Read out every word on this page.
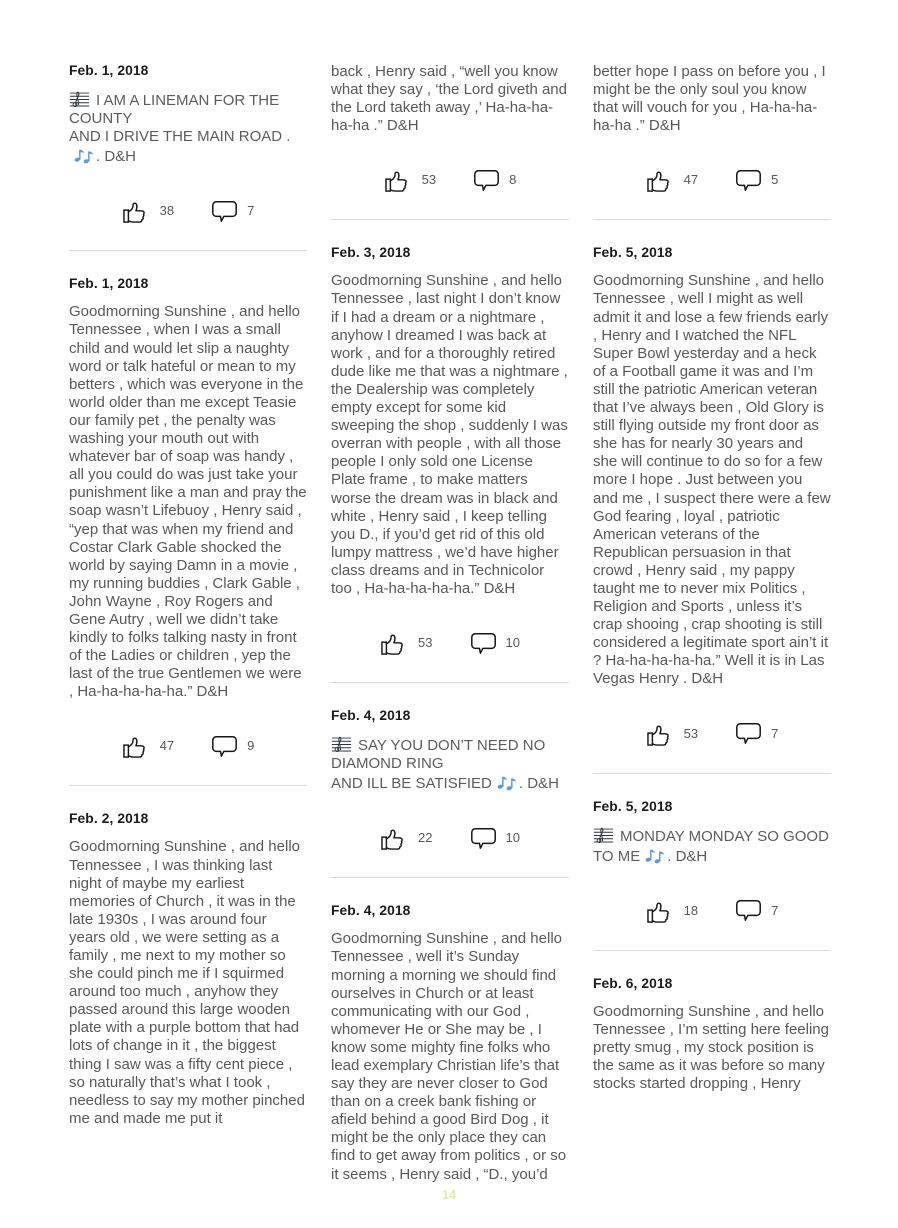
Feb. 1, 2018

I AM A LINEMAN FOR THE COUNTY
AND I DRIVE THE MAIN ROAD .. D&H

38	7
Feb. 1, 2018

Goodmorning Sunshine , and hello Tennessee , when I was a small child and would let slip a naughty word or talk hateful or mean to my betters , which was everyone in the world older than me except Teasie our family pet , the penalty was washing your mouth out with whatever bar of soap was handy , all you could do was just take your punishment like a man and pray the soap wasn’t Lifebuoy , Henry said , “yep that was when my friend and Costar Clark Gable shocked the world by saying Damn in a movie , my running buddies , Clark Gable , John Wayne , Roy Rogers and Gene Autry , well we didn’t take kindly to folks talking nasty in front of the Ladies or children , yep the last of the true Gentlemen we were , Ha-ha-ha-ha-ha.” D&H

47	9
Feb. 2, 2018

Goodmorning Sunshine , and hello Tennessee , I was thinking last night of maybe my earliest memories of Church , it was in the late 1930s , I was around four years old , we were setting as a family , me next to my mother so she could pinch me if I squirmed around too much , anyhow they passed around this large wooden plate with a purple bottom that had lots of change in it , the biggest thing I saw was a fifty cent piece , so naturally that’s what I took , needless to say my mother pinched me and made me put it

back , Henry said , “well you know what they say , ‘the Lord giveth and the Lord taketh away ,’ Ha-ha-ha-ha-ha .” D&H

53	8
Feb. 3, 2018

Goodmorning Sunshine , and hello Tennessee , last night I don’t know if I had a dream or a nightmare , anyhow I dreamed I was back at work , and for a thoroughly retired dude like me that was a nightmare , the Dealership was completely empty except for some kid sweeping the shop , suddenly I was overran with people , with all those people I only sold one License Plate frame , to make matters worse the dream was in black and white , Henry said , I keep telling you D., if you’d get rid of this old lumpy mattress , we’d have higher class dreams and in Technicolor too , Ha-ha-ha-ha-ha.” D&H

53	10
Feb. 4, 2018

SAY YOU DON’T NEED NO DIAMOND RING
AND ILL BE SATISFIED . D&H

22	10
Feb. 4, 2018

Goodmorning Sunshine , and hello Tennessee , well it’s Sunday morning a morning we should find ourselves in Church or at least communicating with our God , whomever He or She may be , I know some mighty fine folks who lead exemplary Christian life’s that say they are never closer to God than on a creek bank fishing or afield behind a good Bird Dog , it might be the only place they can find to get away from politics , or so it seems , Henry said , “D., you’d

better hope I pass on before you , I might be the only soul you know that will vouch for you , Ha-ha-ha-ha-ha .” D&H

47	5
Feb. 5, 2018

Goodmorning Sunshine , and hello Tennessee , well I might as well admit it and lose a few friends early , Henry and I watched the NFL Super Bowl yesterday and a heck of a Football game it was and I’m still the patriotic American veteran that I’ve always been , Old Glory is still flying outside my front door as she has for nearly 30 years and she will continue to do so for a few more I hope . Just between you and me , I suspect there were a few God fearing , loyal , patriotic American veterans of the Republican persuasion in that crowd , Henry said , my pappy taught me to never mix Politics , Religion and Sports , unless it’s crap shooing , crap shooting is still considered a legitimate sport ain’t it ? Ha-ha-ha-ha-ha.” Well it is in Las Vegas Henry . D&H

53	7
Feb. 5, 2018

MONDAY MONDAY SO GOOD TO ME . D&H

18	7
Feb. 6, 2018

Goodmorning Sunshine , and hello Tennessee , I’m setting here feeling pretty smug , my stock position is the same as it was before so many stocks started dropping , Henry

14
